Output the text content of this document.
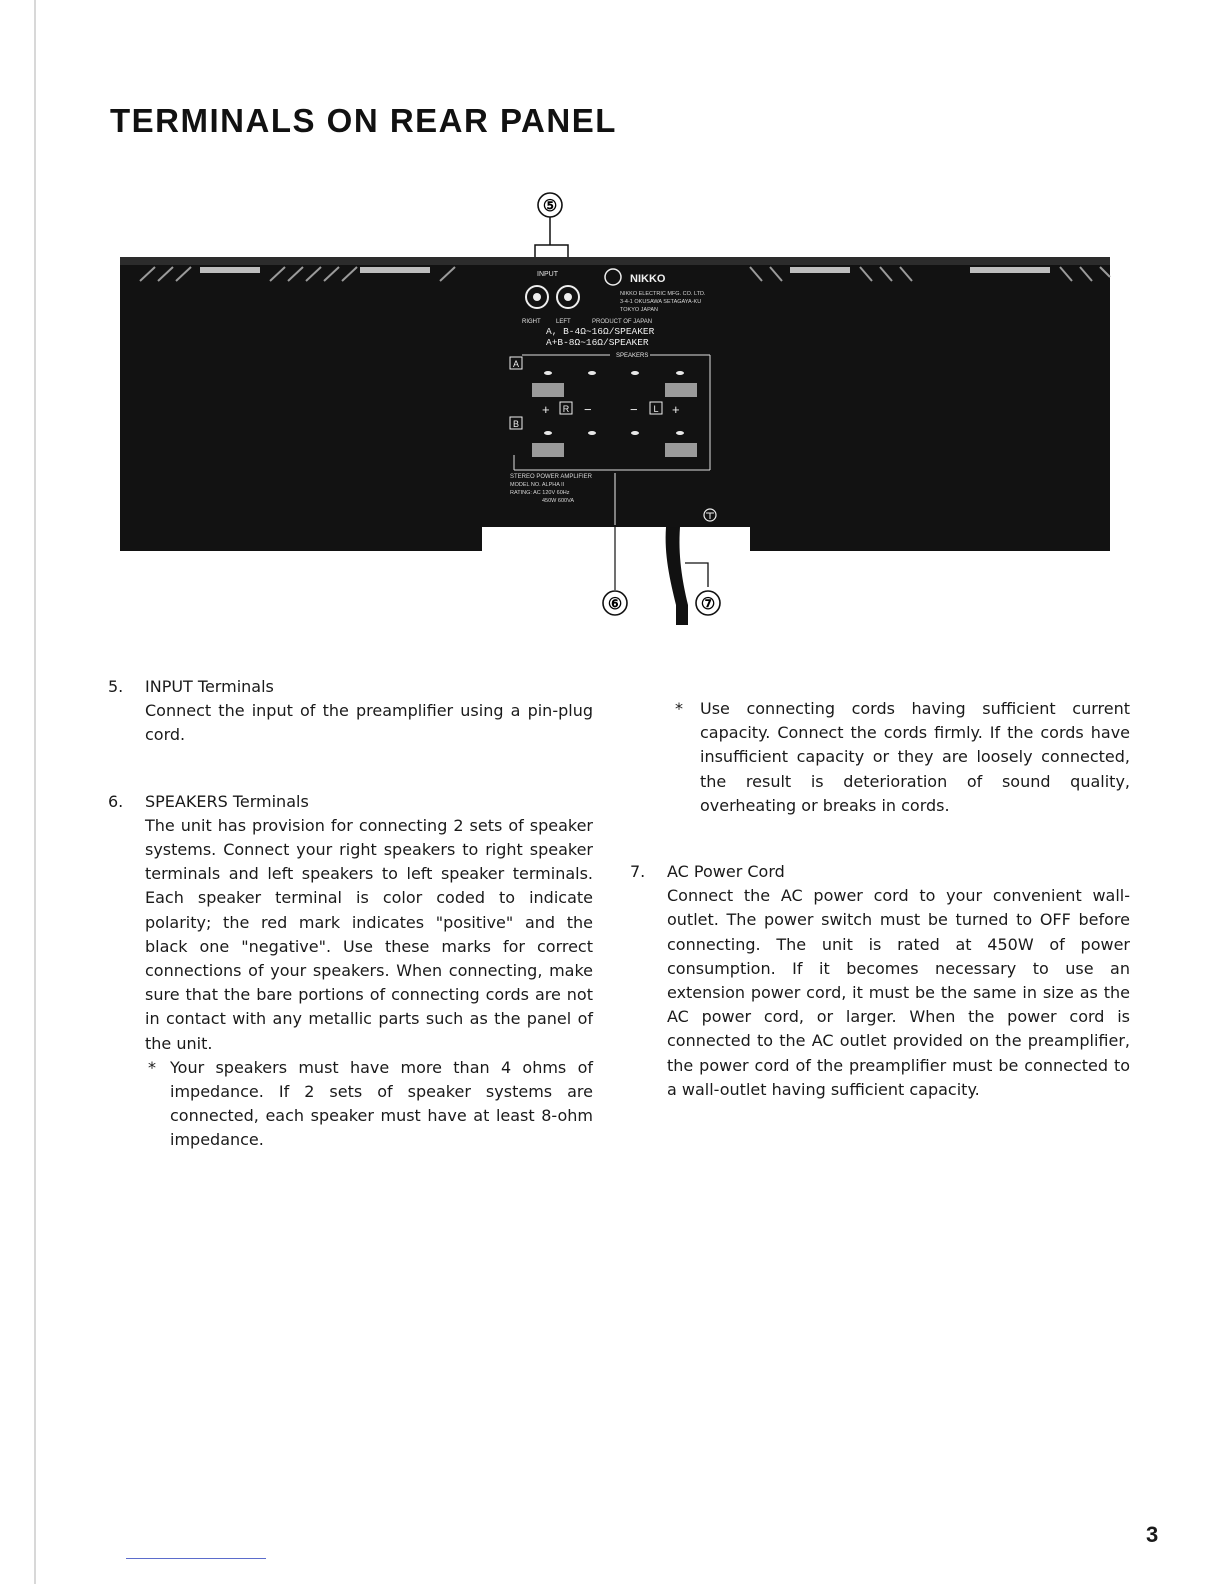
TERMINALS ON REAR PANEL
⑤
INPUT
RIGHT	LEFT
NIKKO
NIKKO ELECTRIC MFG. CO. LTD.
3-4-1 OKUSAWA SETAGAYA-KU
TOKYO JAPAN
PRODUCT OF JAPAN
A, B-4Ω~16Ω/SPEAKER
A+B-8Ω~16Ω/SPEAKER
SPEAKERS
A
B
+ R −	− L +
STEREO POWER AMPLIFIER
MODEL NO. ALPHA II
RATING: AC 120V 60Hz
450W 600VA
⑥	⑦
5. INPUT Terminals
Connect the input of the preamplifier using a pin-plug cord.
6. SPEAKERS Terminals
The unit has provision for connecting 2 sets of speaker systems. Connect your right speakers to right speaker terminals and left speakers to left speaker terminals. Each speaker terminal is color coded to indicate polarity; the red mark indicates "positive" and the black one "negative". Use these marks for correct connections of your speakers. When connecting, make sure that the bare portions of connecting cords are not in contact with any metallic parts such as the panel of the unit.
* Your speakers must have more than 4 ohms of impedance. If 2 sets of speaker systems are connected, each speaker must have at least 8-ohm impedance.
* Use connecting cords having sufficient current capacity. Connect the cords firmly. If the cords have insufficient capacity or they are loosely connected, the result is deterioration of sound quality, overheating or breaks in cords.
7. AC Power Cord
Connect the AC power cord to your convenient wall-outlet. The power switch must be turned to OFF before connecting. The unit is rated at 450W of power consumption. If it becomes necessary to use an extension power cord, it must be the same in size as the AC power cord, or larger. When the power cord is connected to the AC outlet provided on the preamplifier, the power cord of the preamplifier must be connected to a wall-outlet having sufficient capacity.
3
